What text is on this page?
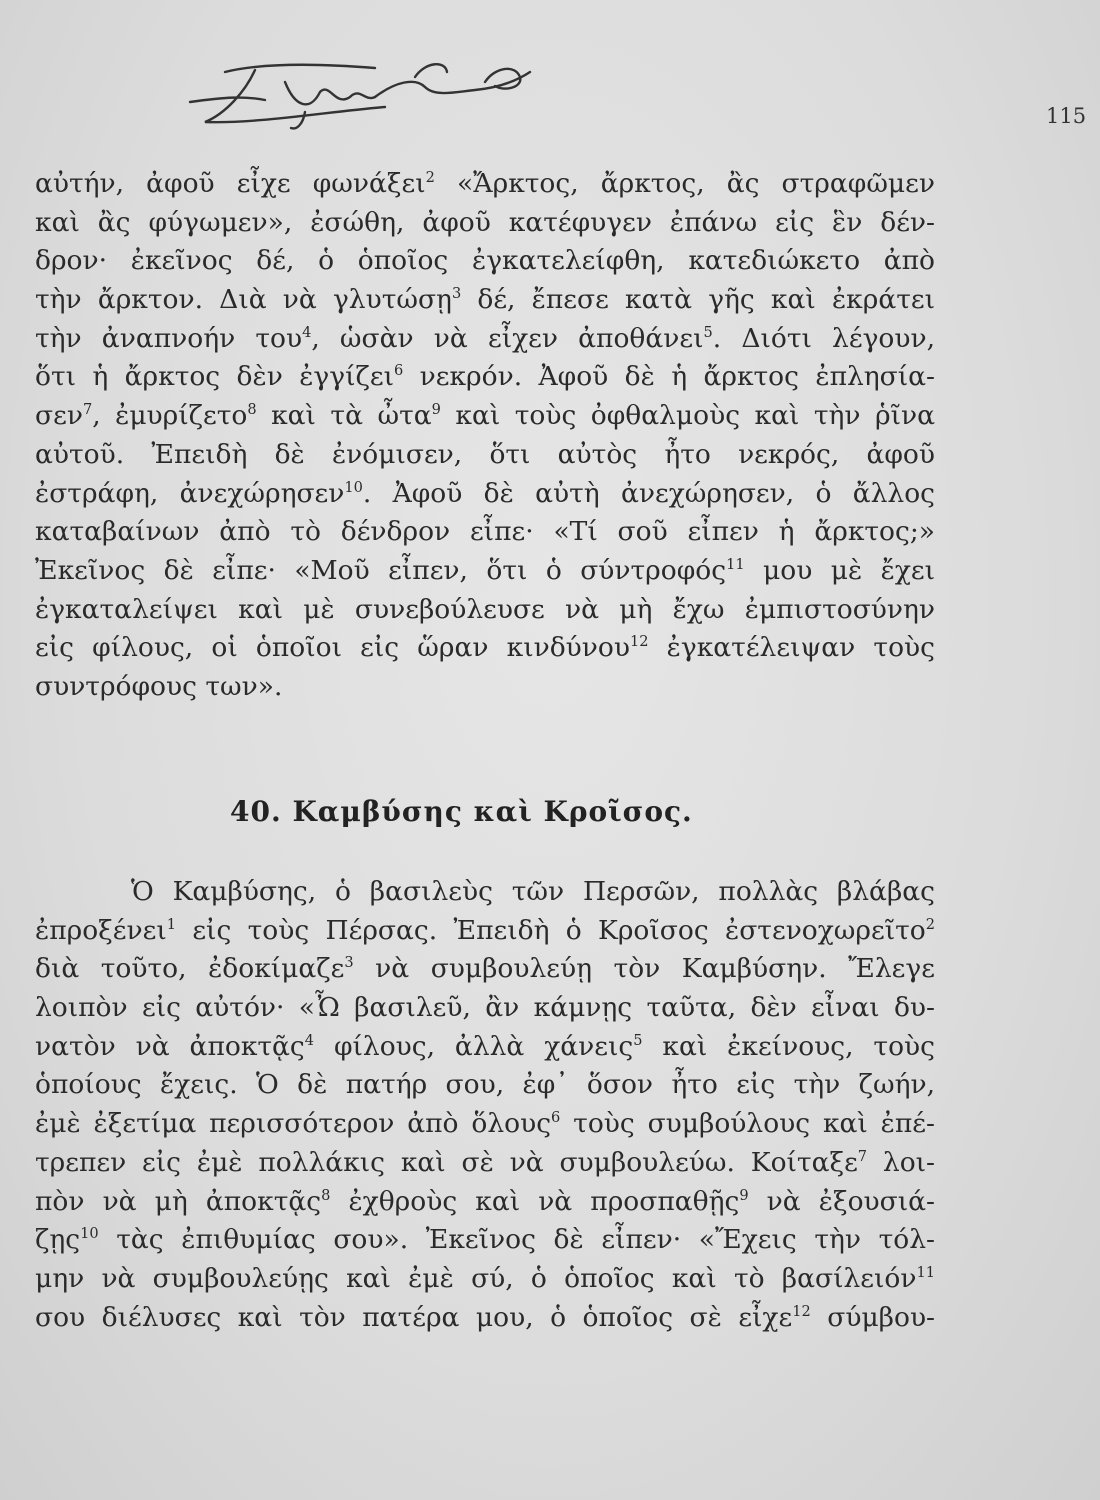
115
αὐτήν, ἀφοῦ εἶχε φωνάξει$^2$ «Ἄρκτος, ἄρκτος, ἂς στραφῶμεν
καὶ ἂς φύγωμεν», ἐσώθη, ἀφοῦ κατέφυγεν ἐπάνω εἰς ἓν δέν-
δρον· ἐκεῖνος δέ, ὁ ὁποῖος ἐγκατελείφθη, κατεδιώκετο ἀπὸ
τὴν ἄρκτον. Διὰ νὰ γλυτώσῃ$^3$ δέ, ἔπεσε κατὰ γῆς καὶ ἐκράτει
τὴν ἀναπνοήν του$^4$, ὡσὰν νὰ εἶχεν ἀποθάνει$^5$. Διότι λέγουν,
ὅτι ἡ ἄρκτος δὲν ἐγγίζει$^6$ νεκρόν. Ἀφοῦ δὲ ἡ ἄρκτος ἐπλησία-
σεν$^7$, ἐμυρίζετο$^8$ καὶ τὰ ὦτα$^9$ καὶ τοὺς ὀφθαλμοὺς καὶ τὴν ῥῖνα
αὐτοῦ. Ἐπειδὴ δὲ ἐνόμισεν, ὅτι αὐτὸς ἦτο νεκρός, ἀφοῦ
ἐστράφη, ἀνεχώρησεν$^{10}$. Ἀφοῦ δὲ αὐτὴ ἀνεχώρησεν, ὁ ἄλλος
καταβαίνων ἀπὸ τὸ δένδρον εἶπε· «Τί σοῦ εἶπεν ἡ ἄρκτος;»
Ἐκεῖνος δὲ εἶπε· «Μοῦ εἶπεν, ὅτι ὁ σύντροφός$^{11}$ μου μὲ ἔχει
ἐγκαταλείψει καὶ μὲ συνεβούλευσε νὰ μὴ ἔχω ἐμπιστοσύνην
εἰς φίλους, οἱ ὁποῖοι εἰς ὥραν κινδύνου$^{12}$ ἐγκατέλειψαν τοὺς
συντρόφους των».
40. Καμβύσης καὶ Κροῖσος.
Ὁ Καμβύσης, ὁ βασιλεὺς τῶν Περσῶν, πολλὰς βλάβας
ἐπροξένει$^1$ εἰς τοὺς Πέρσας. Ἐπειδὴ ὁ Κροῖσος ἐστενοχωρεῖτο$^2$
διὰ τοῦτο, ἐδοκίμαζε$^3$ νὰ συμβουλεύῃ τὸν Καμβύσην. Ἔλεγε
λοιπὸν εἰς αὐτόν· «Ὦ βασιλεῦ, ἂν κάμνῃς ταῦτα, δὲν εἶναι δυ-
νατὸν νὰ ἀποκτᾷς$^4$ φίλους, ἀλλὰ χάνεις$^5$ καὶ ἐκείνους, τοὺς
ὁποίους ἔχεις. Ὁ δὲ πατήρ σου, ἐφ᾽ ὅσον ἦτο εἰς τὴν ζωήν,
ἐμὲ ἐξετίμα περισσότερον ἀπὸ ὅλους$^6$ τοὺς συμβούλους καὶ ἐπέ-
τρεπεν εἰς ἐμὲ πολλάκις καὶ σὲ νὰ συμβουλεύω. Κοίταξε$^7$ λοι-
πὸν νὰ μὴ ἀποκτᾷς$^8$ ἐχθροὺς καὶ νὰ προσπαθῇς$^9$ νὰ ἐξουσιά-
ζῃς$^{10}$ τὰς ἐπιθυμίας σου». Ἐκεῖνος δὲ εἶπεν· «Ἔχεις τὴν τόλ-
μην νὰ συμβουλεύῃς καὶ ἐμὲ σύ, ὁ ὁποῖος καὶ τὸ βασίλειόν$^{11}$
σου διέλυσες καὶ τὸν πατέρα μου, ὁ ὁποῖος σὲ εἶχε$^{12}$ σύμβου-
